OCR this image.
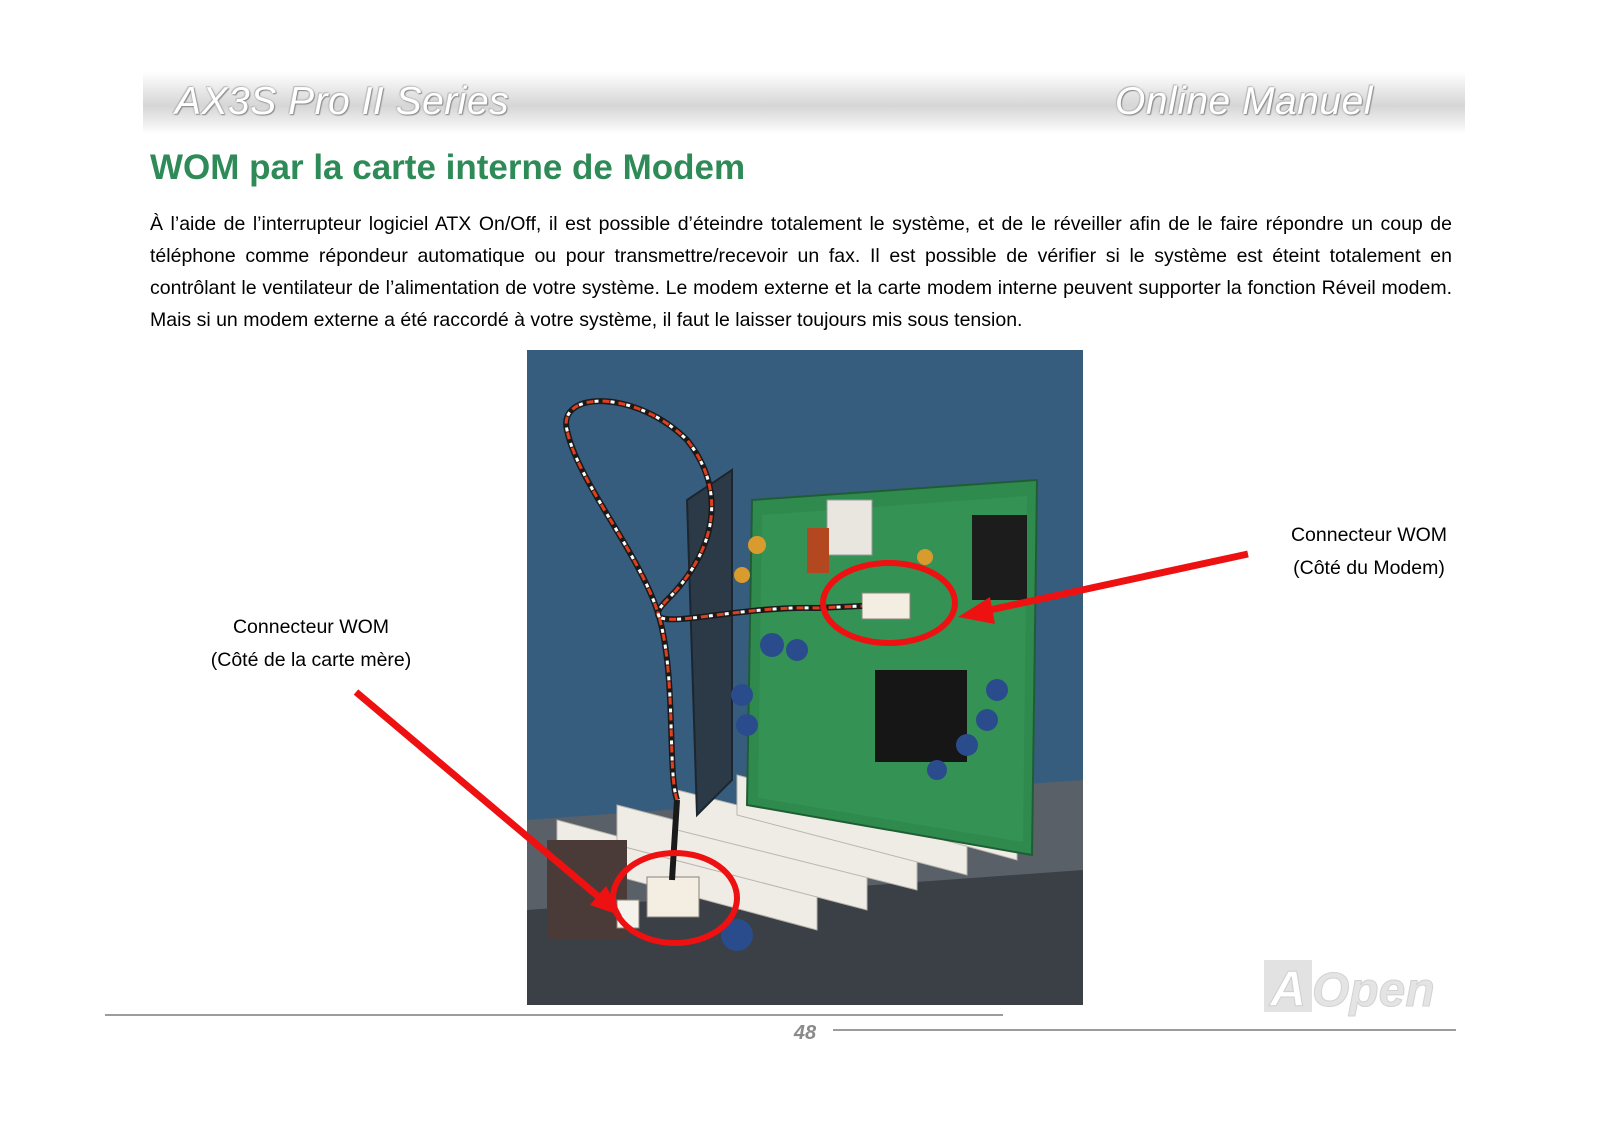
AX3S Pro II Series	Online Manuel
WOM par la carte interne de Modem

À l’aide de l’interrupteur logiciel ATX On/Off, il est possible d’éteindre totalement le système, et de le réveiller afin de le faire répondre un coup de téléphone comme répondeur automatique ou pour transmettre/recevoir un fax. Il est possible de vérifier si le système est éteint totalement en contrôlant le ventilateur de l’alimentation de votre système. Le modem externe et la carte modem interne peuvent supporter la fonction Réveil modem. Mais si un modem externe a été raccordé à votre système, il faut le laisser toujours mis sous tension.

Connecteur WOM
(Côté du Modem)
Connecteur WOM
(Côté de la carte mère)
48
A Open
